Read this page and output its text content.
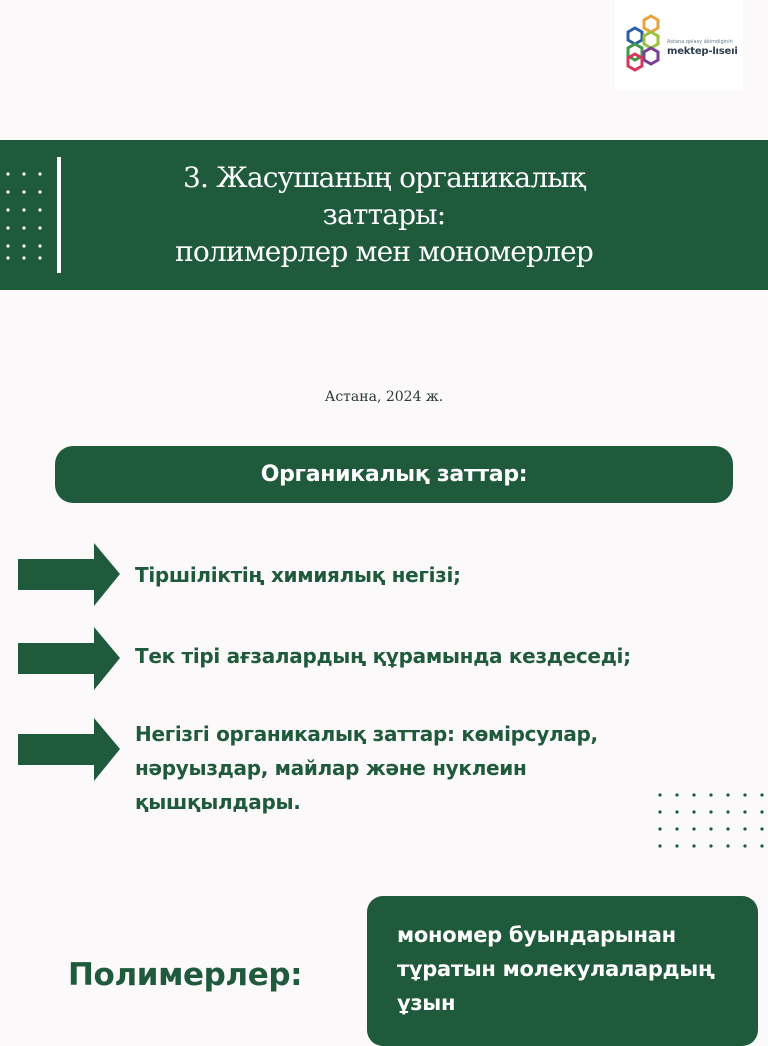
Astana qalasy ákimdiginiń
mektep-lıseıi
3. Жасушаның органикалық
заттары:
полимерлер мен мономерлер
Астана, 2024 ж.
Органикалық заттар:
Тіршіліктің химиялық негізі;
Тек тірі ағзалардың құрамында кездеседі;
Негізгі органикалық заттар: көмірсулар, нәруыздар, майлар және нуклеин қышқылдары.
Полимерлер:
мономер буындарынан тұратын молекулалардың ұзын
